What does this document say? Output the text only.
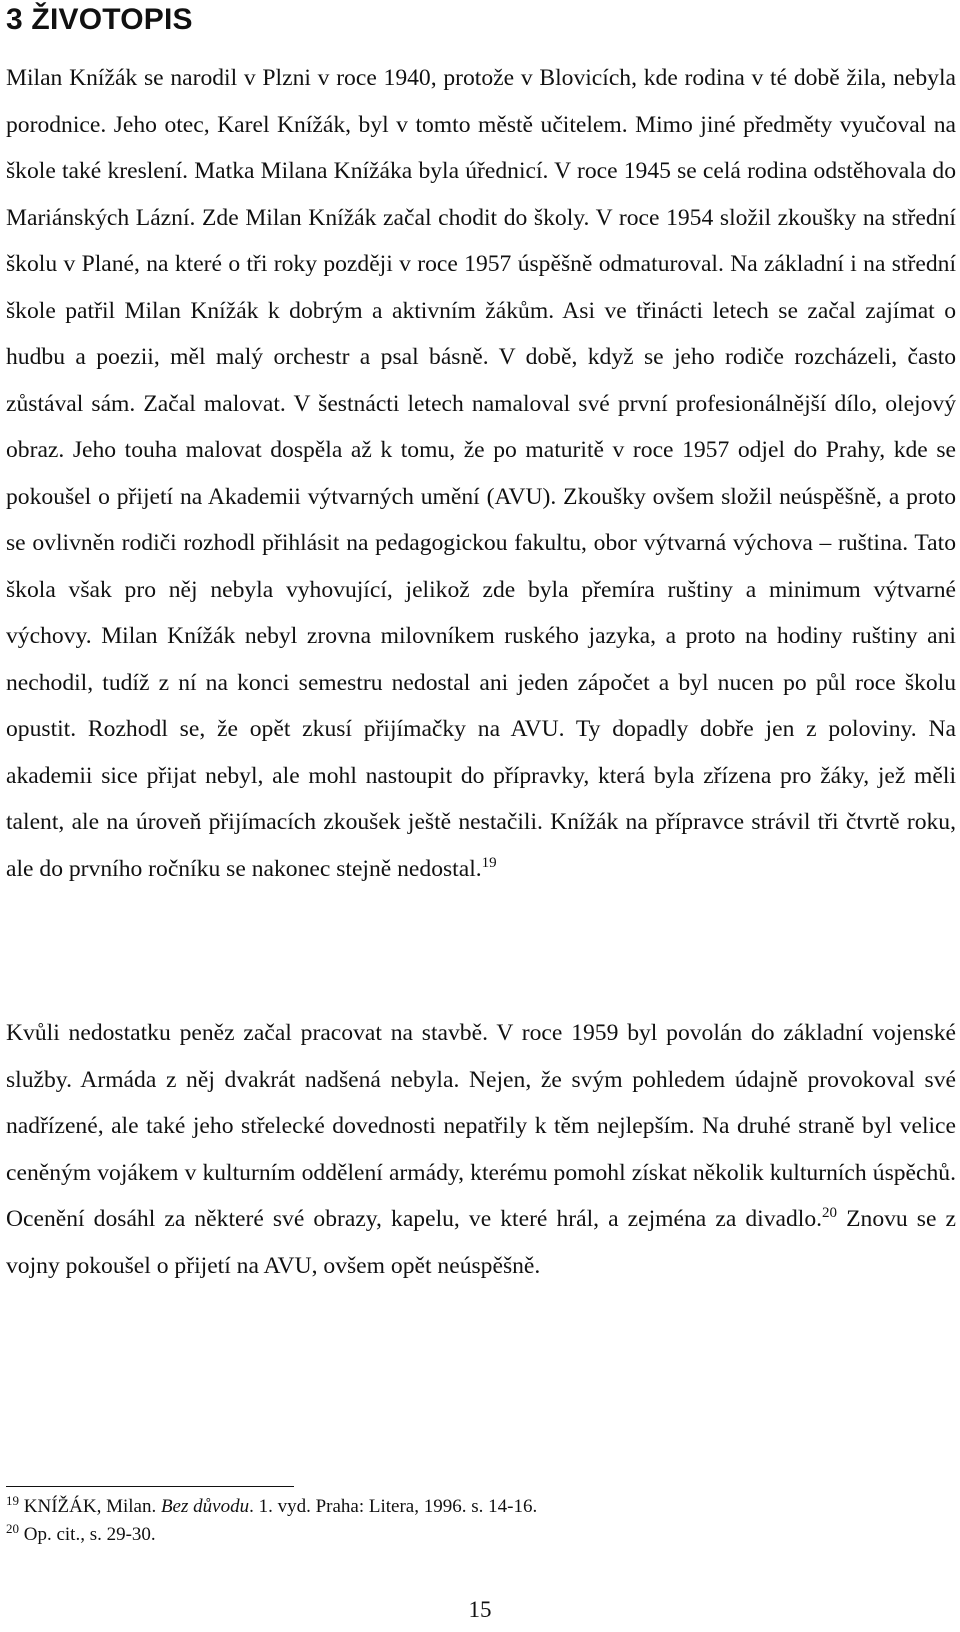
3 ŽIVOTOPIS

Milan Knížák se narodil v Plzni v roce 1940, protože v Blovicích, kde rodina v té době žila, nebyla porodnice. Jeho otec, Karel Knížák, byl v tomto městě učitelem. Mimo jiné předměty vyučoval na škole také kreslení. Matka Milana Knížáka byla úřednicí. V roce 1945 se celá rodina odstěhovala do Mariánských Lázní. Zde Milan Knížák začal chodit do školy. V roce 1954 složil zkoušky na střední školu v Plané, na které o tři roky později v roce 1957 úspěšně odmaturoval. Na základní i na střední škole patřil Milan Knížák k dobrým a aktivním žákům. Asi ve třinácti letech se začal zajímat o hudbu a poezii, měl malý orchestr a psal básně. V době, když se jeho rodiče rozcházeli, často zůstával sám. Začal malovat. V šestnácti letech namaloval své první profesionálnější dílo, olejový obraz. Jeho touha malovat dospěla až k tomu, že po maturitě v roce 1957 odjel do Prahy, kde se pokoušel o přijetí na Akademii výtvarných umění (AVU). Zkoušky ovšem složil neúspěšně, a proto se ovlivněn rodiči rozhodl přihlásit na pedagogickou fakultu, obor výtvarná výchova – ruština. Tato škola však pro něj nebyla vyhovující, jelikož zde byla přemíra ruštiny a minimum výtvarné výchovy. Milan Knížák nebyl zrovna milovníkem ruského jazyka, a proto na hodiny ruštiny ani nechodil, tudíž z ní na konci semestru nedostal ani jeden zápočet a byl nucen po půl roce školu opustit. Rozhodl se, že opět zkusí přijímačky na AVU. Ty dopadly dobře jen z poloviny. Na akademii sice přijat nebyl, ale mohl nastoupit do přípravky, která byla zřízena pro žáky, jež měli talent, ale na úroveň přijímacích zkoušek ještě nestačili. Knížák na přípravce strávil tři čtvrtě roku, ale do prvního ročníku se nakonec stejně nedostal.$^{19}$

Kvůli nedostatku peněz začal pracovat na stavbě. V roce 1959 byl povolán do základní vojenské služby. Armáda z něj dvakrát nadšená nebyla. Nejen, že svým pohledem údajně provokoval své nadřízené, ale také jeho střelecké dovednosti nepatřily k těm nejlepším. Na druhé straně byl velice ceněným vojákem v kulturním oddělení armády, kterému pomohl získat několik kulturních úspěchů. Ocenění dosáhl za některé své obrazy, kapelu, ve které hrál, a zejména za divadlo.$^{20}$ Znovu se z vojny pokoušel o přijetí na AVU, ovšem opět neúspěšně.

$^{19}$ KNÍŽÁK, Milan. Bez důvodu. 1. vyd. Praha: Litera, 1996. s. 14-16.
$^{20}$ Op. cit., s. 29-30.
15
